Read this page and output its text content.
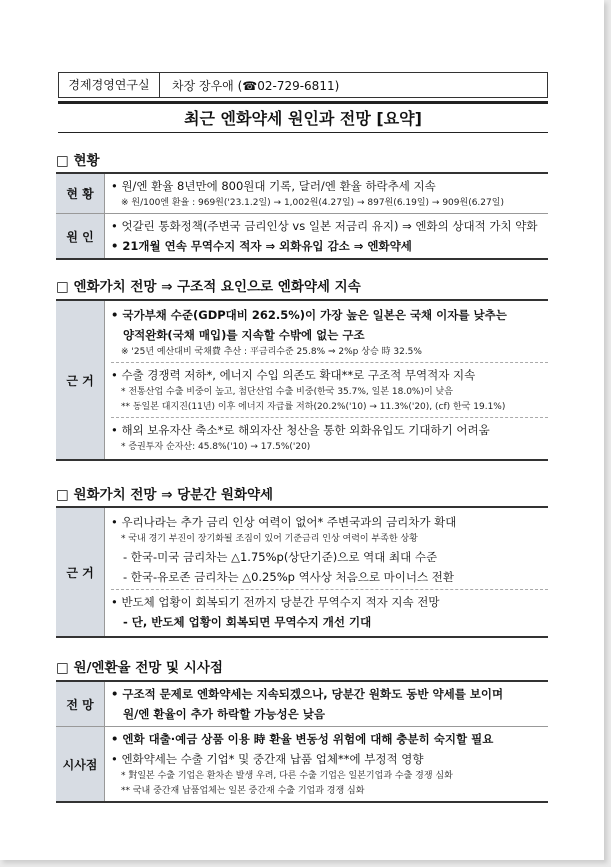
경제경영연구실	차장 장우애 (☎02-729-6811)
최근 엔화약세 원인과 전망 [요약]
□ 현황
현 황
• 원/엔 환율 8년만에 800원대 기록, 달러/엔 환율 하락추세 지속
※ 원/100엔 환율 : 969원('23.1.2일) → 1,002원(4.27일) → 897원(6.19일) → 909원(6.27일)
원 인
• 엇갈린 통화정책(주변국 금리인상 vs 일본 저금리 유지) ⇒ 엔화의 상대적 가치 약화
• 21개월 연속 무역수지 적자 ⇒ 외화유입 감소 ⇒ 엔화약세
□ 엔화가치 전망 ⇒ 구조적 요인으로 엔화약세 지속
근 거
• 국가부채 수준(GDP대비 262.5%)이 가장 높은 일본은 국채 이자를 낮추는
양적완화(국채 매입)를 지속할 수밖에 없는 구조
※ '25년 예산대비 국채費 추산 : 平금리수준 25.8% ⇒ 2%p 상승 時 32.5%
• 수출 경쟁력 저하*, 에너지 수입 의존도 확대**로 구조적 무역적자 지속
* 전통산업 수출 비중이 높고, 첨단산업 수출 비중(한국 35.7%, 일본 18.0%)이 낮음
** 동일본 대지진(11년) 이후 에너지 자급률 저하(20.2%('10) → 11.3%('20), (cf) 한국 19.1%)
• 해외 보유자산 축소*로 해외자산 청산을 통한 외화유입도 기대하기 어려움
* 증권투자 순자산: 45.8%('10) → 17.5%('20)
□ 원화가치 전망 ⇒ 당분간 원화약세
근 거
• 우리나라는 추가 금리 인상 여력이 없어* 주변국과의 금리차가 확대
* 국내 경기 부진이 장기화될 조짐이 있어 기준금리 인상 여력이 부족한 상황
- 한국-미국 금리차는 △1.75%p(상단기준)으로 역대 최대 수준
- 한국-유로존 금리차는 △0.25%p 역사상 처음으로 마이너스 전환
• 반도체 업황이 회복되기 전까지 당분간 무역수지 적자 지속 전망
- 단, 반도체 업황이 회복되면 무역수지 개선 기대
□ 원/엔환율 전망 및 시사점
전 망
• 구조적 문제로 엔화약세는 지속되겠으나, 당분간 원화도 동반 약세를 보이며
원/엔 환율이 추가 하락할 가능성은 낮음
시사점
• 엔화 대출·예금 상품 이용 時 환율 변동성 위험에 대해 충분히 숙지할 필요
• 엔화약세는 수출 기업* 및 중간재 납품 업체**에 부정적 영향
* 對일본 수출 기업은 환차손 발생 우려, 다른 수출 기업은 일본기업과 수출 경쟁 심화
** 국내 중간재 납품업체는 일본 중간재 수출 기업과 경쟁 심화
